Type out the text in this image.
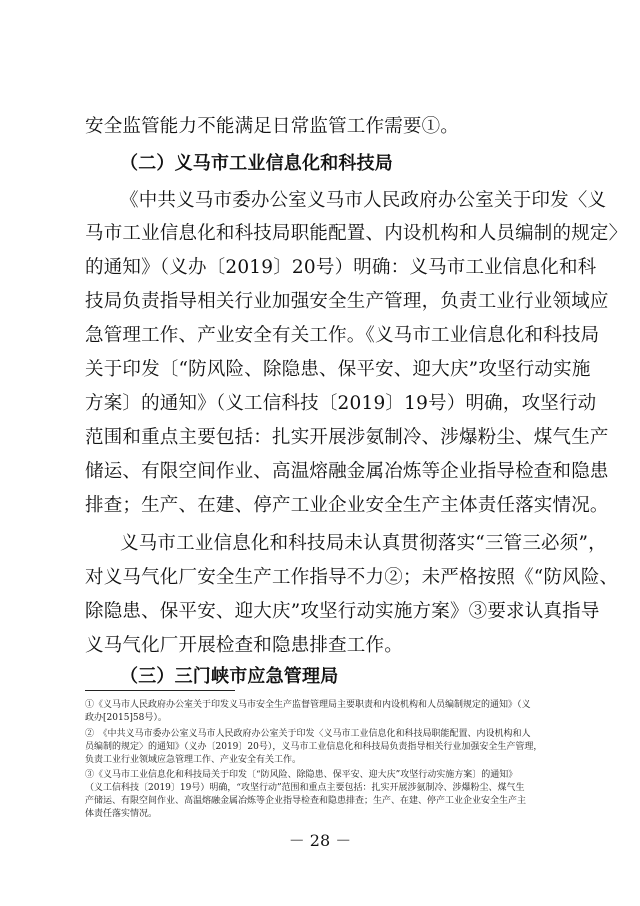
安全监管能力不能满足日常监管工作需要①。
（二）义马市工业信息化和科技局
《中共义马市委办公室义马市人民政府办公室关于印发〈义
马市工业信息化和科技局职能配置、内设机构和人员编制的规定〉
的通知》（义办〔2019〕20号）明确：义马市工业信息化和科
技局负责指导相关行业加强安全生产管理，负责工业行业领域应
急管理工作、产业安全有关工作。《义马市工业信息化和科技局
关于印发〔“防风险、除隐患、保平安、迎大庆”攻坚行动实施
方案〕的通知》（义工信科技〔2019〕19号）明确，攻坚行动
范围和重点主要包括：扎实开展涉氨制冷、涉爆粉尘、煤气生产
储运、有限空间作业、高温熔融金属冶炼等企业指导检查和隐患
排查；生产、在建、停产工业企业安全生产主体责任落实情况。
义马市工业信息化和科技局未认真贯彻落实“三管三必须”，
对义马气化厂安全生产工作指导不力②；未严格按照《“防风险、
除隐患、保平安、迎大庆”攻坚行动实施方案》③要求认真指导
义马气化厂开展检查和隐患排查工作。
（三）三门峡市应急管理局
①《义马市人民政府办公室关于印发义马市安全生产监督管理局主要职责和内设机构和人员编制规定的通知》（义
政办[2015]58号）。
②　《中共义马市委办公室义马市人民政府办公室关于印发〈义马市工业信息化和科技局职能配置、内设机构和人
员编制的规定〉的通知》（义办〔2019〕20号），义马市工业信息化和科技局负责指导相关行业加强安全生产管理，
负责工业行业领域应急管理工作、产业安全有关工作。
③《义马市工业信息化和科技局关于印发〔“防风险、除隐患、保平安、迎大庆”攻坚行动实施方案〕的通知》
（义工信科技〔2019〕19号）明确，“攻坚行动”范围和重点主要包括：扎实开展涉氨制冷、涉爆粉尘、煤气生
产储运、有限空间作业、高温熔融金属冶炼等企业指导检查和隐患排查；生产、在建、停产工业企业安全生产主
体责任落实情况。
－ 28 －
